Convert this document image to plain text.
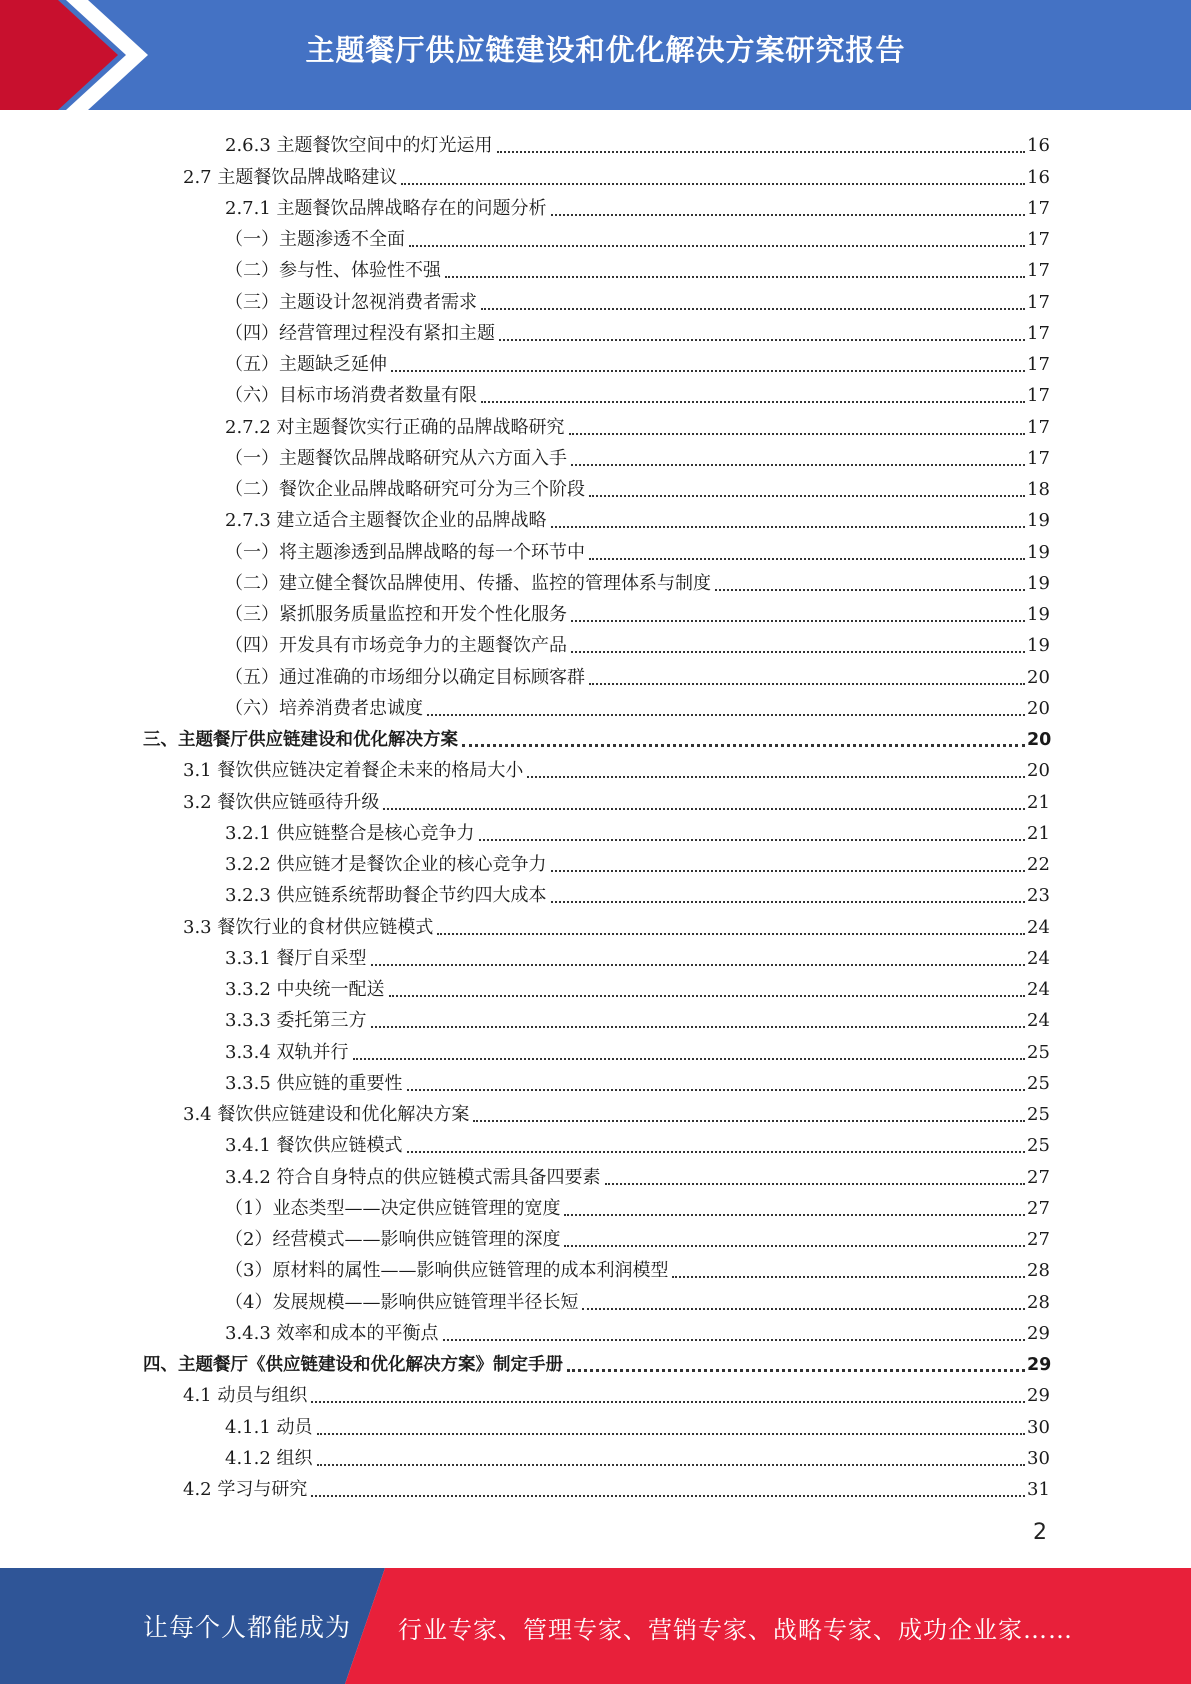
主题餐厅供应链建设和优化解决方案研究报告
2.6.3 主题餐饮空间中的灯光运用	16
2.7 主题餐饮品牌战略建议	16
2.7.1 主题餐饮品牌战略存在的问题分析	17
（一）主题渗透不全面	17
（二）参与性、体验性不强	17
（三）主题设计忽视消费者需求	17
（四）经营管理过程没有紧扣主题	17
（五）主题缺乏延伸	17
（六）目标市场消费者数量有限	17
2.7.2 对主题餐饮实行正确的品牌战略研究	17
（一）主题餐饮品牌战略研究从六方面入手	17
（二）餐饮企业品牌战略研究可分为三个阶段	18
2.7.3 建立适合主题餐饮企业的品牌战略	19
（一）将主题渗透到品牌战略的每一个环节中	19
（二）建立健全餐饮品牌使用、传播、监控的管理体系与制度	19
（三）紧抓服务质量监控和开发个性化服务	19
（四）开发具有市场竞争力的主题餐饮产品	19
（五）通过准确的市场细分以确定目标顾客群	20
（六）培养消费者忠诚度	20
三、主题餐厅供应链建设和优化解决方案	20
3.1 餐饮供应链决定着餐企未来的格局大小	20
3.2 餐饮供应链亟待升级	21
3.2.1 供应链整合是核心竞争力	21
3.2.2 供应链才是餐饮企业的核心竞争力	22
3.2.3 供应链系统帮助餐企节约四大成本	23
3.3 餐饮行业的食材供应链模式	24
3.3.1 餐厅自采型	24
3.3.2 中央统一配送	24
3.3.3 委托第三方	24
3.3.4 双轨并行	25
3.3.5 供应链的重要性	25
3.4 餐饮供应链建设和优化解决方案	25
3.4.1 餐饮供应链模式	25
3.4.2 符合自身特点的供应链模式需具备四要素	27
（1）业态类型——决定供应链管理的宽度	27
（2）经营模式——影响供应链管理的深度	27
（3）原材料的属性——影响供应链管理的成本利润模型	28
（4）发展规模——影响供应链管理半径长短	28
3.4.3 效率和成本的平衡点	29
四、主题餐厅《供应链建设和优化解决方案》制定手册	29
4.1 动员与组织	29
4.1.1 动员	30
4.1.2 组织	30
4.2 学习与研究	31
2
让每个人都能成为 行业专家、管理专家、营销专家、战略专家、成功企业家……
